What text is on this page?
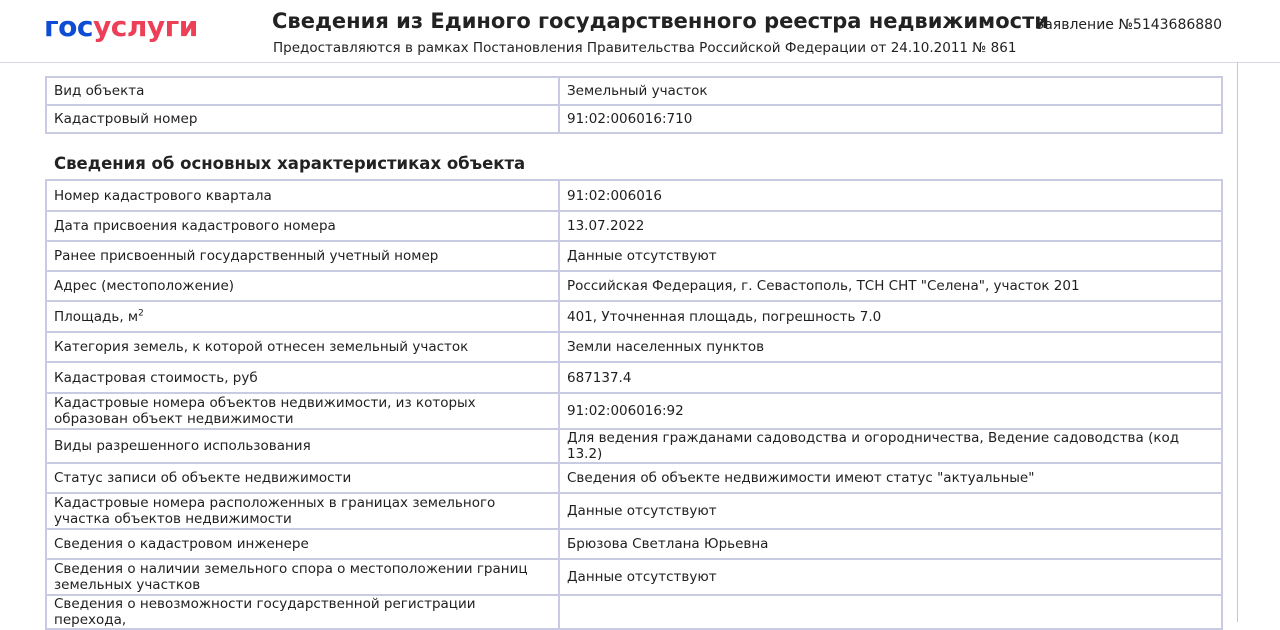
госуслуги	Сведения из Единого государственного реестра недвижимости
Предоставляются в рамках Постановления Правительства Российской Федерации от 24.10.2011 № 861
Заявление №5143686880
Вид объекта	Земельный участок
Кадастровый номер	91:02:006016:710
Сведения об основных характеристиках объекта
Номер кадастрового квартала	91:02:006016
Дата присвоения кадастрового номера	13.07.2022
Ранее присвоенный государственный учетный номер	Данные отсутствуют
Адрес (местоположение)	Российская Федерация, г. Севастополь, ТСН СНТ "Селена", участок 201
Площадь, $м^2$	401, Уточненная площадь, погрешность 7.0
Категория земель, к которой отнесен земельный участок	Земли населенных пунктов
Кадастровая стоимость, руб	687137.4
Кадастровые номера объектов недвижимости, из которых образован объект недвижимости	91:02:006016:92
Виды разрешенного использования	Для ведения гражданами садоводства и огородничества, Ведение садоводства (код 13.2)
Статус записи об объекте недвижимости	Сведения об объекте недвижимости имеют статус "актуальные"
Кадастровые номера расположенных в границах земельного участка объектов недвижимости	Данные отсутствуют
Сведения о кадастровом инженере	Брюзова Светлана Юрьевна
Сведения о наличии земельного спора о местоположении границ земельных участков	Данные отсутствуют
Сведения о невозможности государственной регистрации перехода,	
